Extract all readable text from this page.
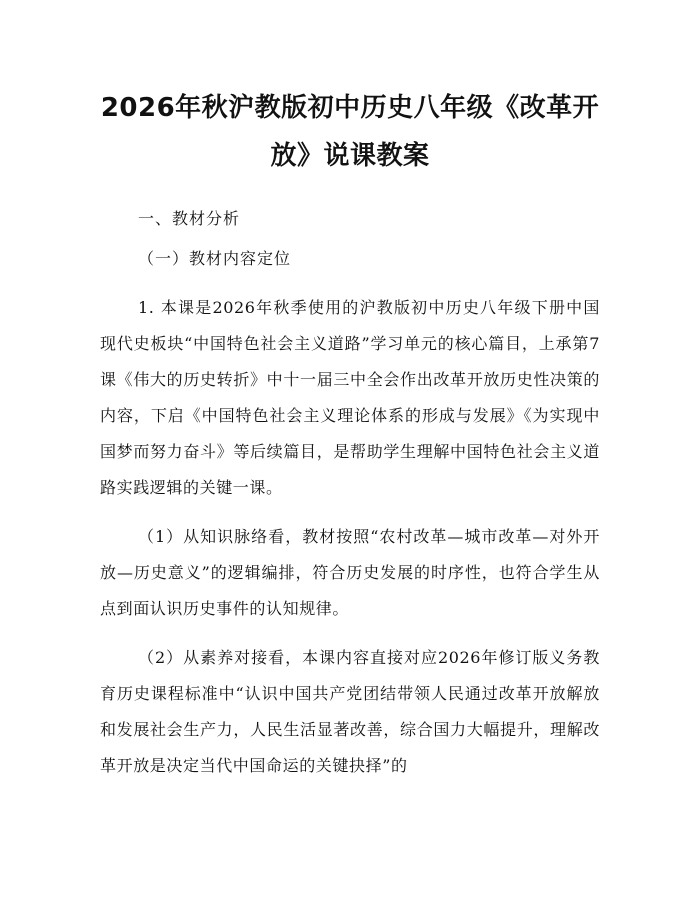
2026年秋沪教版初中历史八年级《改革开放》说课教案

一、教材分析

（一）教材内容定位

1. 本课是2026年秋季使用的沪教版初中历史八年级下册中国现代史板块“中国特色社会主义道路”学习单元的核心篇目，上承第7课《伟大的历史转折》中十一届三中全会作出改革开放历史性决策的内容，下启《中国特色社会主义理论体系的形成与发展》《为实现中国梦而努力奋斗》等后续篇目，是帮助学生理解中国特色社会主义道路实践逻辑的关键一课。

（1）从知识脉络看，教材按照“农村改革—城市改革—对外开放—历史意义”的逻辑编排，符合历史发展的时序性，也符合学生从点到面认识历史事件的认知规律。

（2）从素养对接看，本课内容直接对应2026年修订版义务教育历史课程标准中“认识中国共产党团结带领人民通过改革开放解放和发展社会生产力，人民生活显著改善，综合国力大幅提升，理解改革开放是决定当代中国命运的关键抉择”的
